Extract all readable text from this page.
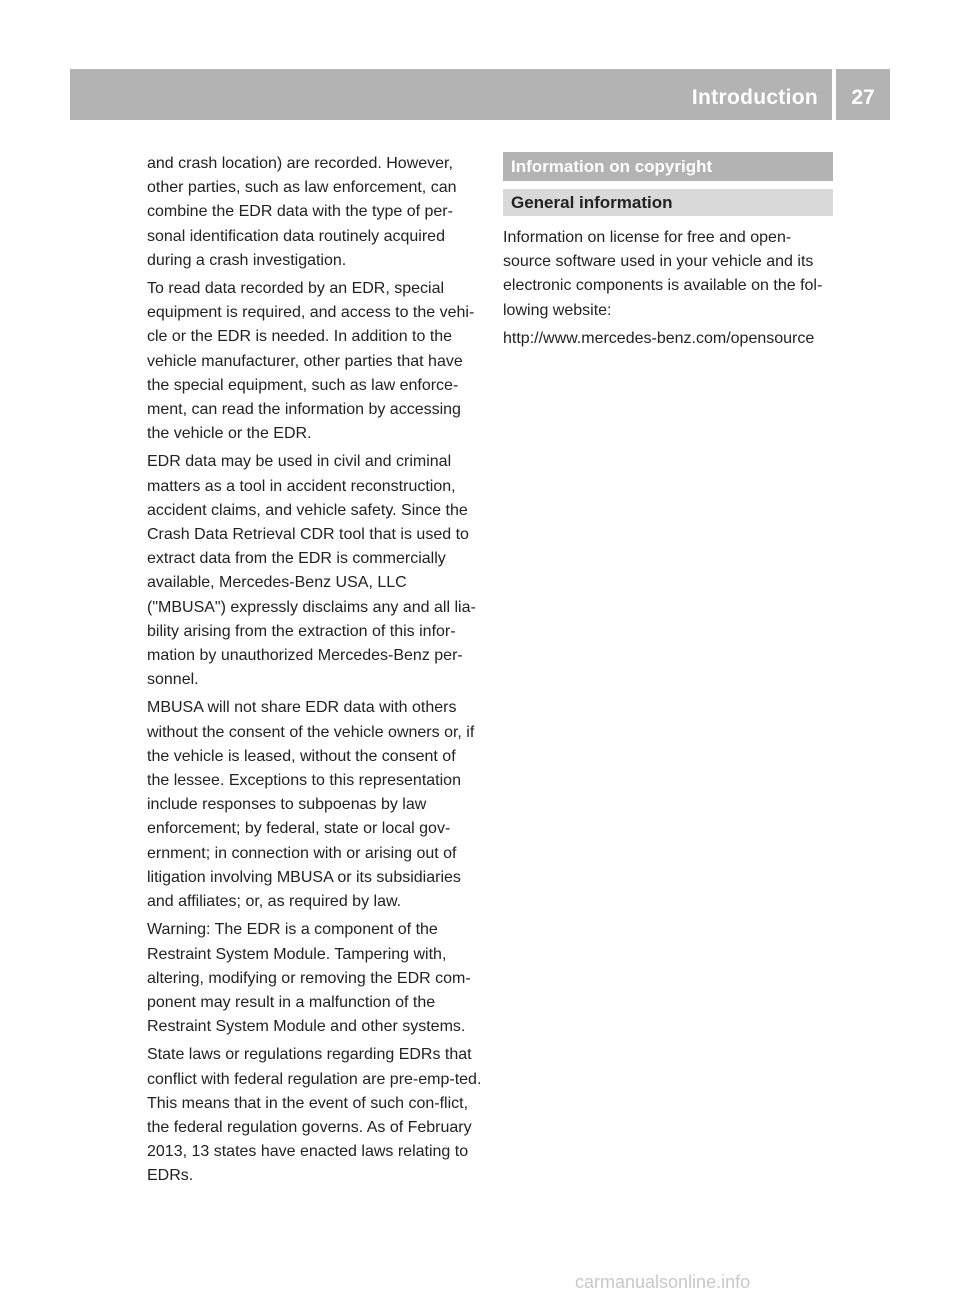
Introduction	27

and crash location) are recorded. However, other parties, such as law enforcement, can combine the EDR data with the type of per-sonal identification data routinely acquired during a crash investigation.

To read data recorded by an EDR, special equipment is required, and access to the vehi-cle or the EDR is needed. In addition to the vehicle manufacturer, other parties that have the special equipment, such as law enforce-ment, can read the information by accessing the vehicle or the EDR.

EDR data may be used in civil and criminal matters as a tool in accident reconstruction, accident claims, and vehicle safety. Since the Crash Data Retrieval CDR tool that is used to extract data from the EDR is commercially available, Mercedes-Benz USA, LLC ("MBUSA") expressly disclaims any and all lia-bility arising from the extraction of this infor-mation by unauthorized Mercedes-Benz per-sonnel.

MBUSA will not share EDR data with others without the consent of the vehicle owners or, if the vehicle is leased, without the consent of the lessee. Exceptions to this representation include responses to subpoenas by law enforcement; by federal, state or local gov-ernment; in connection with or arising out of litigation involving MBUSA or its subsidiaries and affiliates; or, as required by law.

Warning: The EDR is a component of the Restraint System Module. Tampering with, altering, modifying or removing the EDR com-ponent may result in a malfunction of the Restraint System Module and other systems.

State laws or regulations regarding EDRs that conflict with federal regulation are pre-emp-ted. This means that in the event of such con-flict, the federal regulation governs. As of February 2013, 13 states have enacted laws relating to EDRs.

Information on copyright
General information

Information on license for free and open-source software used in your vehicle and its electronic components is available on the fol-lowing website:

http://www.mercedes-benz.com/opensource

carmanualsonline.info
